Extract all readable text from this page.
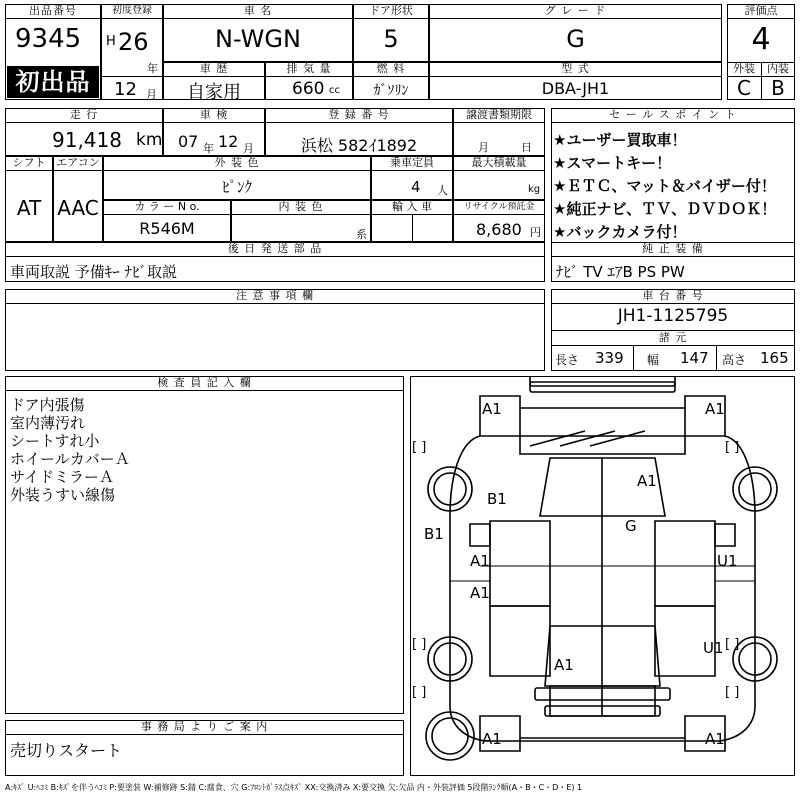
出品番号
9345
初出品
初度登録
H 26
年
12 月
車 名
N-WGN
ドア形状
5
グ レ ー ド
G
評価点
4
外装	内装
C	B
車 歴
自家用
排 気 量
660 cc
燃 料
ｶﾞｿﾘﾝ
型 式
DBA-JH1
走 行
91,418 km
車 検
07 年 12 月
登 録 番 号
浜松 582ｲ1892
譲渡書類期限
月	日
シフト
AT
エアコン
AAC
外 装 色
ﾋﾟﾝｸ
乗車定員
4 人
最大積載量
kg
カ ラ ー N o.
R546M
内 装 色
系
輸 入 車	リサイクル預託金
8,680 円
後 日 発 送 部 品
車両取説 予備ｷｰ ﾅﾋﾞ取説
注 意 事 項 欄
セ ー ル ス ポ イ ン ト
★ユーザー買取車！
★スマートキー！
★ＥＴＣ、マット＆バイザー付！
★純正ナビ、ＴＶ、ＤＶＤＯＫ！
★バックカメラ付！
純 正 装 備
ﾅﾋﾞ TV ｴｱB PS PW
車 台 番 号
JH1-1125795
諸 元
長さ 339 幅 147 高さ 165
検 査 員 記 入 欄
ドア内張傷
室内薄汚れ
シートすれ小
ホイールカバーＡ
サイドミラーＡ
外装うすい線傷
事 務 局 よ り ご 案 内
売切りスタート
[ ]	[ ]
[ ]	[ ]
[ ]	[ ]
A1	A1
A1
B1
G
B1
A1	U1
A1
U1
A1
A1	A1
A:ｷｽﾞ U:ﾍｺﾐ B:ｷｽﾞを伴うﾍｺﾐ P:要塗装 W:補修跡 S:錆 C:腐食、穴 G:ﾌﾛﾝﾄｶﾞﾗｽ点ｷｽﾞ XX:交換済み X:要交換 欠:欠品 内・外装評価 5段階ﾗﾝｸ順(A・B・C・D・E) 1
